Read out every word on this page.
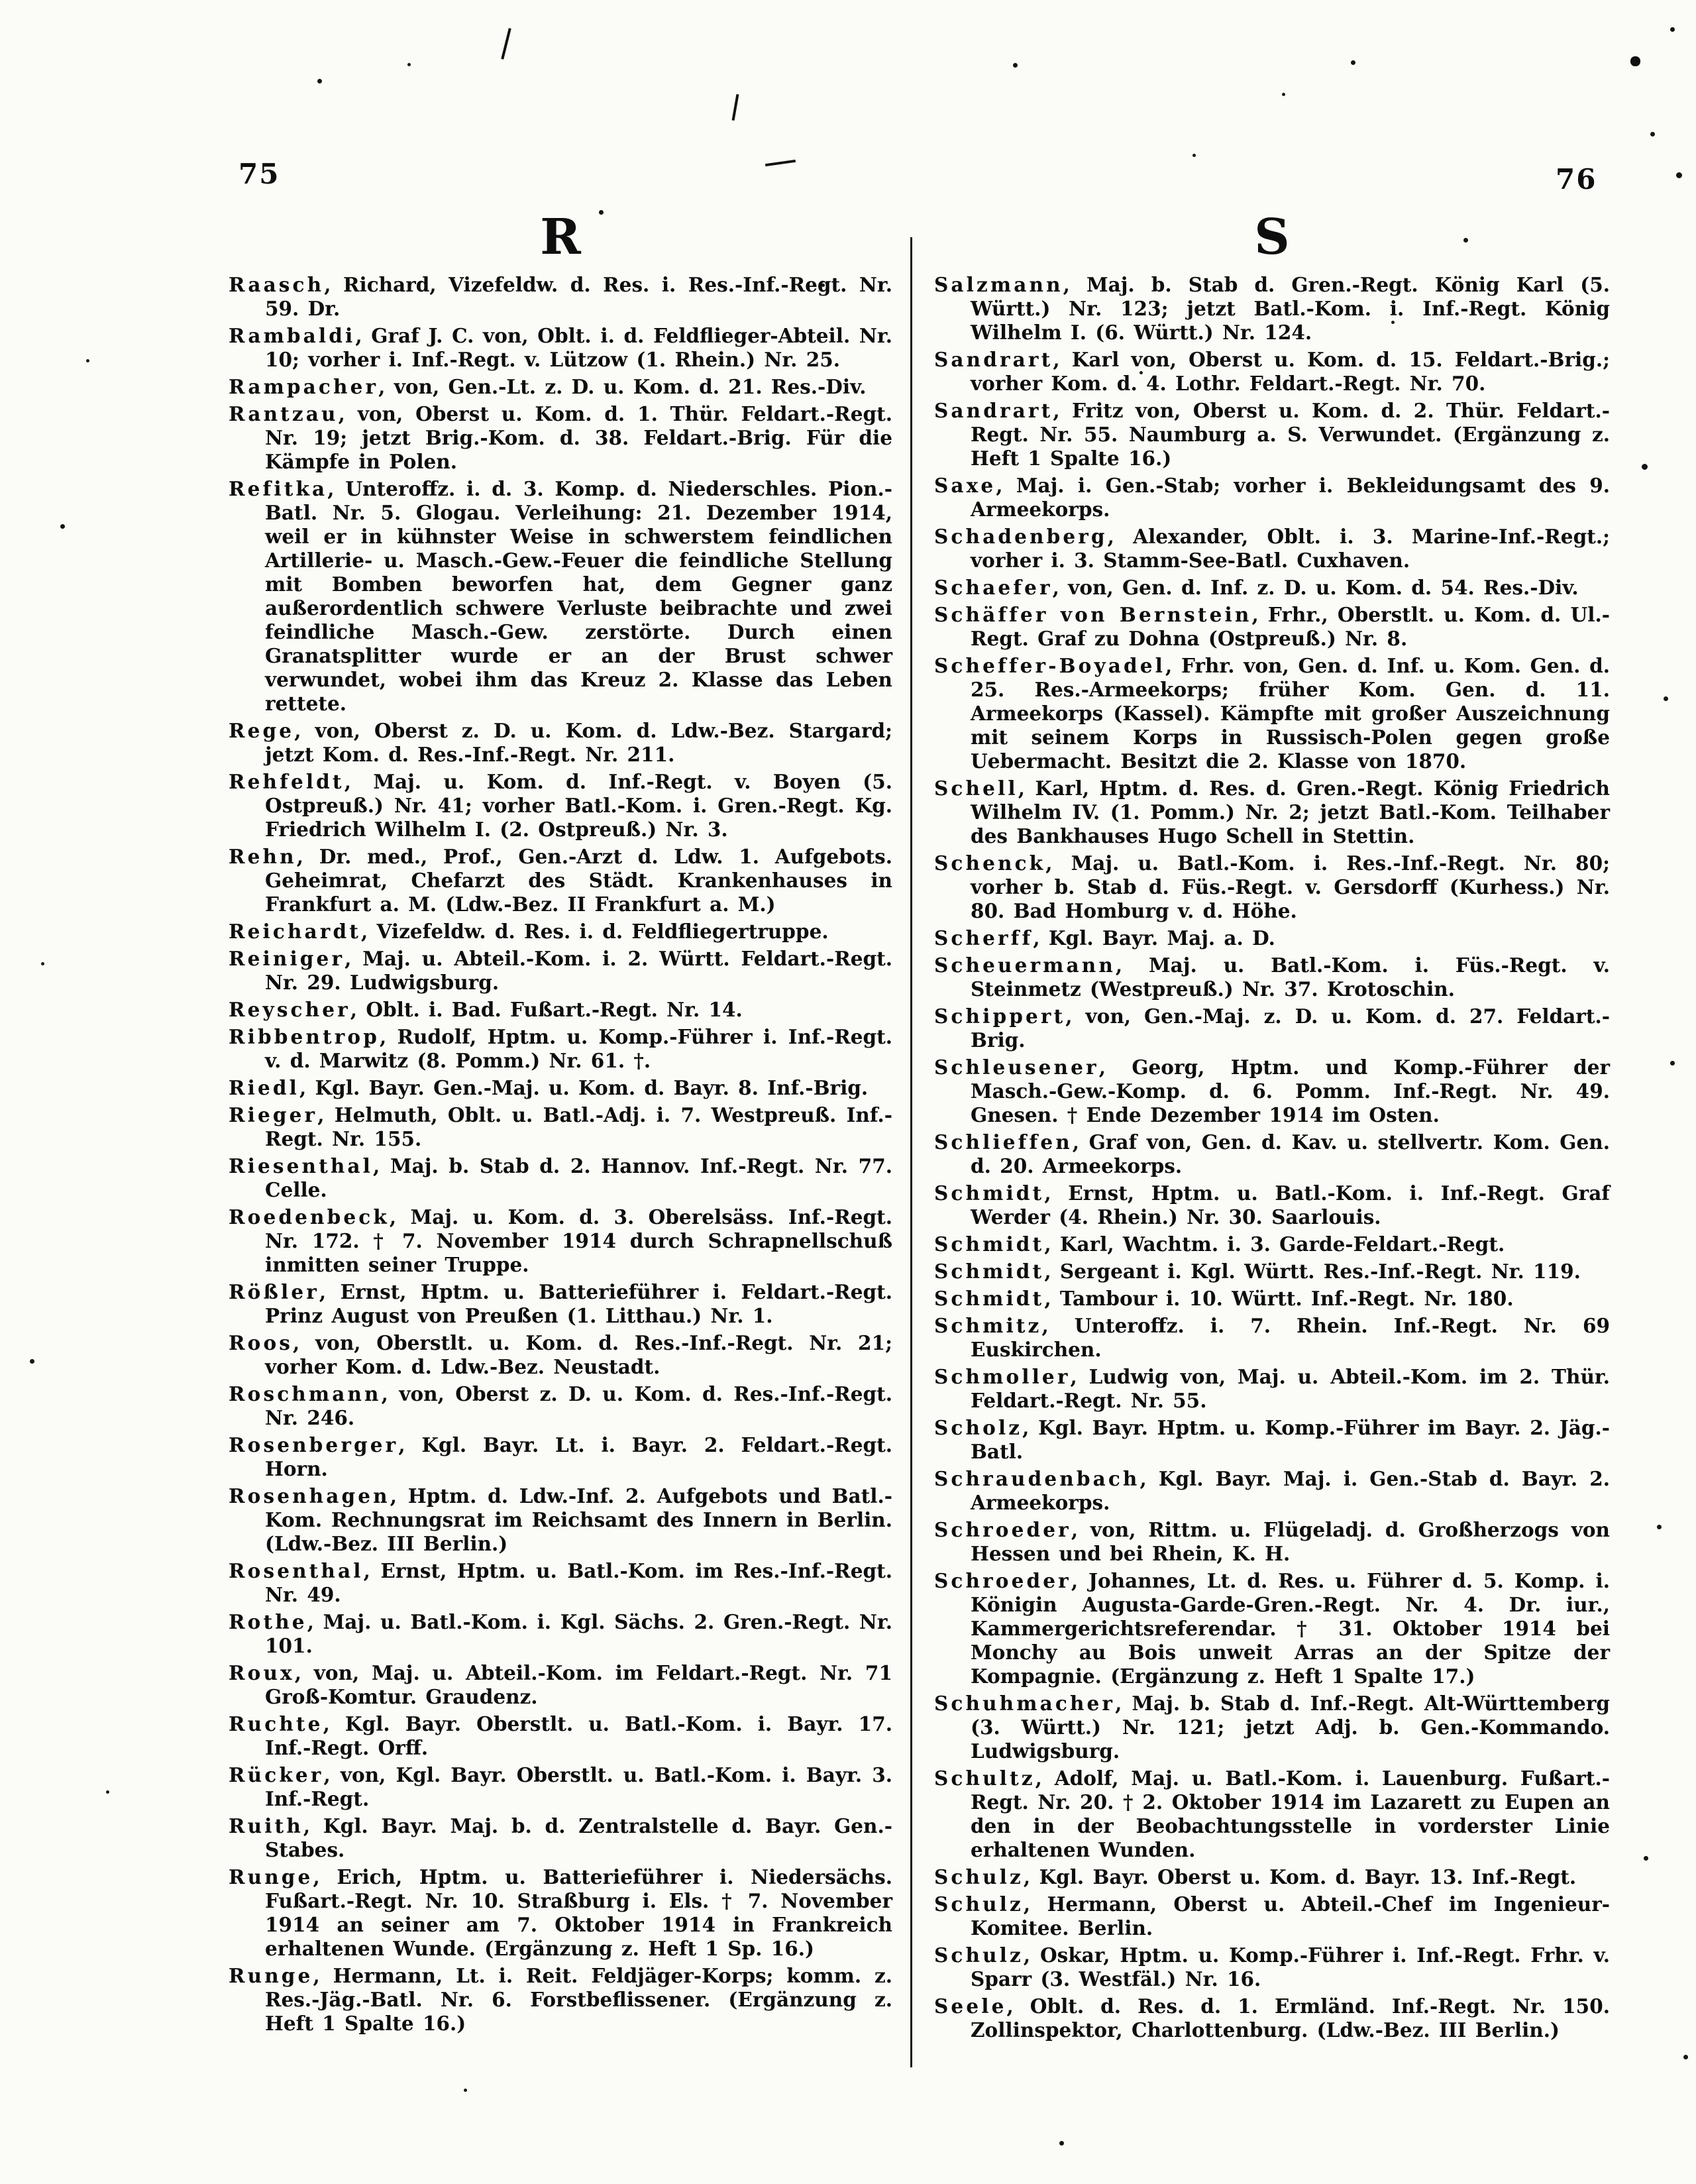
75	76
R

Raasch, Richard, Vizefeldw. d. Res. i. Res.-Inf.-Regt. Nr. 59. Dr.

Rambaldi, Graf J. C. von, Oblt. i. d. Feldflieger-Abteil. Nr. 10; vorher i. Inf.-Regt. v. Lützow (1. Rhein.) Nr. 25.

Rampacher, von, Gen.-Lt. z. D. u. Kom. d. 21. Res.-Div.

Rantzau, von, Oberst u. Kom. d. 1. Thür. Feldart.-Regt. Nr. 19; jetzt Brig.-Kom. d. 38. Feldart.-Brig. Für die Kämpfe in Polen.

Refitka, Unteroffz. i. d. 3. Komp. d. Niederschles. Pion.-Batl. Nr. 5. Glogau. Verleihung: 21. Dezember 1914, weil er in kühnster Weise in schwerstem feindlichen Artillerie- u. Masch.-Gew.-Feuer die feindliche Stellung mit Bomben beworfen hat, dem Gegner ganz außerordentlich schwere Verluste beibrachte und zwei feindliche Masch.-Gew. zerstörte. Durch einen Granatsplitter wurde er an der Brust schwer verwundet, wobei ihm das Kreuz 2. Klasse das Leben rettete.

Rege, von, Oberst z. D. u. Kom. d. Ldw.-Bez. Stargard; jetzt Kom. d. Res.-Inf.-Regt. Nr. 211.

Rehfeldt, Maj. u. Kom. d. Inf.-Regt. v. Boyen (5. Ostpreuß.) Nr. 41; vorher Batl.-Kom. i. Gren.-Regt. Kg. Friedrich Wilhelm I. (2. Ostpreuß.) Nr. 3.

Rehn, Dr. med., Prof., Gen.-Arzt d. Ldw. 1. Aufgebots. Geheimrat, Chefarzt des Städt. Krankenhauses in Frankfurt a. M. (Ldw.-Bez. II Frankfurt a. M.)

Reichardt, Vizefeldw. d. Res. i. d. Feldfliegertruppe.

Reiniger, Maj. u. Abteil.-Kom. i. 2. Württ. Feldart.-Regt. Nr. 29. Ludwigsburg.

Reyscher, Oblt. i. Bad. Fußart.-Regt. Nr. 14.

Ribbentrop, Rudolf, Hptm. u. Komp.-Führer i. Inf.-Regt. v. d. Marwitz (8. Pomm.) Nr. 61. †.

Riedl, Kgl. Bayr. Gen.-Maj. u. Kom. d. Bayr. 8. Inf.-Brig.

Rieger, Helmuth, Oblt. u. Batl.-Adj. i. 7. Westpreuß. Inf.-Regt. Nr. 155.

Riesenthal, Maj. b. Stab d. 2. Hannov. Inf.-Regt. Nr. 77. Celle.

Roedenbeck, Maj. u. Kom. d. 3. Oberelsäss. Inf.-Regt. Nr. 172. † 7. November 1914 durch Schrapnellschuß inmitten seiner Truppe.

Rößler, Ernst, Hptm. u. Batterieführer i. Feldart.-Regt. Prinz August von Preußen (1. Litthau.) Nr. 1.

Roos, von, Oberstlt. u. Kom. d. Res.-Inf.-Regt. Nr. 21; vorher Kom. d. Ldw.-Bez. Neustadt.

Roschmann, von, Oberst z. D. u. Kom. d. Res.-Inf.-Regt. Nr. 246.

Rosenberger, Kgl. Bayr. Lt. i. Bayr. 2. Feldart.-Regt. Horn.

Rosenhagen, Hptm. d. Ldw.-Inf. 2. Aufgebots und Batl.-Kom. Rechnungsrat im Reichsamt des Innern in Berlin. (Ldw.-Bez. III Berlin.)

Rosenthal, Ernst, Hptm. u. Batl.-Kom. im Res.-Inf.-Regt. Nr. 49.

Rothe, Maj. u. Batl.-Kom. i. Kgl. Sächs. 2. Gren.-Regt. Nr. 101.

Roux, von, Maj. u. Abteil.-Kom. im Feldart.-Regt. Nr. 71 Groß-Komtur. Graudenz.

Ruchte, Kgl. Bayr. Oberstlt. u. Batl.-Kom. i. Bayr. 17. Inf.-Regt. Orff.

Rücker, von, Kgl. Bayr. Oberstlt. u. Batl.-Kom. i. Bayr. 3. Inf.-Regt.

Ruith, Kgl. Bayr. Maj. b. d. Zentralstelle d. Bayr. Gen.-Stabes.

Runge, Erich, Hptm. u. Batterieführer i. Niedersächs. Fußart.-Regt. Nr. 10. Straßburg i. Els. † 7. November 1914 an seiner am 7. Oktober 1914 in Frankreich erhaltenen Wunde. (Ergänzung z. Heft 1 Sp. 16.)

Runge, Hermann, Lt. i. Reit. Feldjäger-Korps; komm. z. Res.-Jäg.-Batl. Nr. 6. Forstbeflissener. (Ergänzung z. Heft 1 Spalte 16.)

S

Salzmann, Maj. b. Stab d. Gren.-Regt. König Karl (5. Württ.) Nr. 123; jetzt Batl.-Kom. i. Inf.-Regt. König Wilhelm I. (6. Württ.) Nr. 124.

Sandrart, Karl von, Oberst u. Kom. d. 15. Feldart.-Brig.; vorher Kom. d. 4. Lothr. Feldart.-Regt. Nr. 70.

Sandrart, Fritz von, Oberst u. Kom. d. 2. Thür. Feldart.-Regt. Nr. 55. Naumburg a. S. Verwundet. (Ergänzung z. Heft 1 Spalte 16.)

Saxe, Maj. i. Gen.-Stab; vorher i. Bekleidungsamt des 9. Armeekorps.

Schadenberg, Alexander, Oblt. i. 3. Marine-Inf.-Regt.; vorher i. 3. Stamm-See-Batl. Cuxhaven.

Schaefer, von, Gen. d. Inf. z. D. u. Kom. d. 54. Res.-Div.

Schäffer von Bernstein, Frhr., Oberstlt. u. Kom. d. Ul.-Regt. Graf zu Dohna (Ostpreuß.) Nr. 8.

Scheffer-Boyadel, Frhr. von, Gen. d. Inf. u. Kom. Gen. d. 25. Res.-Armeekorps; früher Kom. Gen. d. 11. Armeekorps (Kassel). Kämpfte mit großer Auszeichnung mit seinem Korps in Russisch-Polen gegen große Uebermacht. Besitzt die 2. Klasse von 1870.

Schell, Karl, Hptm. d. Res. d. Gren.-Regt. König Friedrich Wilhelm IV. (1. Pomm.) Nr. 2; jetzt Batl.-Kom. Teilhaber des Bankhauses Hugo Schell in Stettin.

Schenck, Maj. u. Batl.-Kom. i. Res.-Inf.-Regt. Nr. 80; vorher b. Stab d. Füs.-Regt. v. Gersdorff (Kurhess.) Nr. 80. Bad Homburg v. d. Höhe.

Scherff, Kgl. Bayr. Maj. a. D.

Scheuermann, Maj. u. Batl.-Kom. i. Füs.-Regt. v. Steinmetz (Westpreuß.) Nr. 37. Krotoschin.

Schippert, von, Gen.-Maj. z. D. u. Kom. d. 27. Feldart.-Brig.

Schleusener, Georg, Hptm. und Komp.-Führer der Masch.-Gew.-Komp. d. 6. Pomm. Inf.-Regt. Nr. 49. Gnesen. † Ende Dezember 1914 im Osten.

Schlieffen, Graf von, Gen. d. Kav. u. stellvertr. Kom. Gen. d. 20. Armeekorps.

Schmidt, Ernst, Hptm. u. Batl.-Kom. i. Inf.-Regt. Graf Werder (4. Rhein.) Nr. 30. Saarlouis.

Schmidt, Karl, Wachtm. i. 3. Garde-Feldart.-Regt.

Schmidt, Sergeant i. Kgl. Württ. Res.-Inf.-Regt. Nr. 119.

Schmidt, Tambour i. 10. Württ. Inf.-Regt. Nr. 180.

Schmitz, Unteroffz. i. 7. Rhein. Inf.-Regt. Nr. 69 Euskirchen.

Schmoller, Ludwig von, Maj. u. Abteil.-Kom. im 2. Thür. Feldart.-Regt. Nr. 55.

Scholz, Kgl. Bayr. Hptm. u. Komp.-Führer im Bayr. 2. Jäg.-Batl.

Schraudenbach, Kgl. Bayr. Maj. i. Gen.-Stab d. Bayr. 2. Armeekorps.

Schroeder, von, Rittm. u. Flügeladj. d. Großherzogs von Hessen und bei Rhein, K. H.

Schroeder, Johannes, Lt. d. Res. u. Führer d. 5. Komp. i. Königin Augusta-Garde-Gren.-Regt. Nr. 4. Dr. iur., Kammergerichtsreferendar. † 31. Oktober 1914 bei Monchy au Bois unweit Arras an der Spitze der Kompagnie. (Ergänzung z. Heft 1 Spalte 17.)

Schuhmacher, Maj. b. Stab d. Inf.-Regt. Alt-Württemberg (3. Württ.) Nr. 121; jetzt Adj. b. Gen.-Kommando. Ludwigsburg.

Schultz, Adolf, Maj. u. Batl.-Kom. i. Lauenburg. Fußart.-Regt. Nr. 20. † 2. Oktober 1914 im Lazarett zu Eupen an den in der Beobachtungsstelle in vorderster Linie erhaltenen Wunden.

Schulz, Kgl. Bayr. Oberst u. Kom. d. Bayr. 13. Inf.-Regt.

Schulz, Hermann, Oberst u. Abteil.-Chef im Ingenieur-Komitee. Berlin.

Schulz, Oskar, Hptm. u. Komp.-Führer i. Inf.-Regt. Frhr. v. Sparr (3. Westfäl.) Nr. 16.

Seele, Oblt. d. Res. d. 1. Ermländ. Inf.-Regt. Nr. 150. Zollinspektor, Charlottenburg. (Ldw.-Bez. III Berlin.)
